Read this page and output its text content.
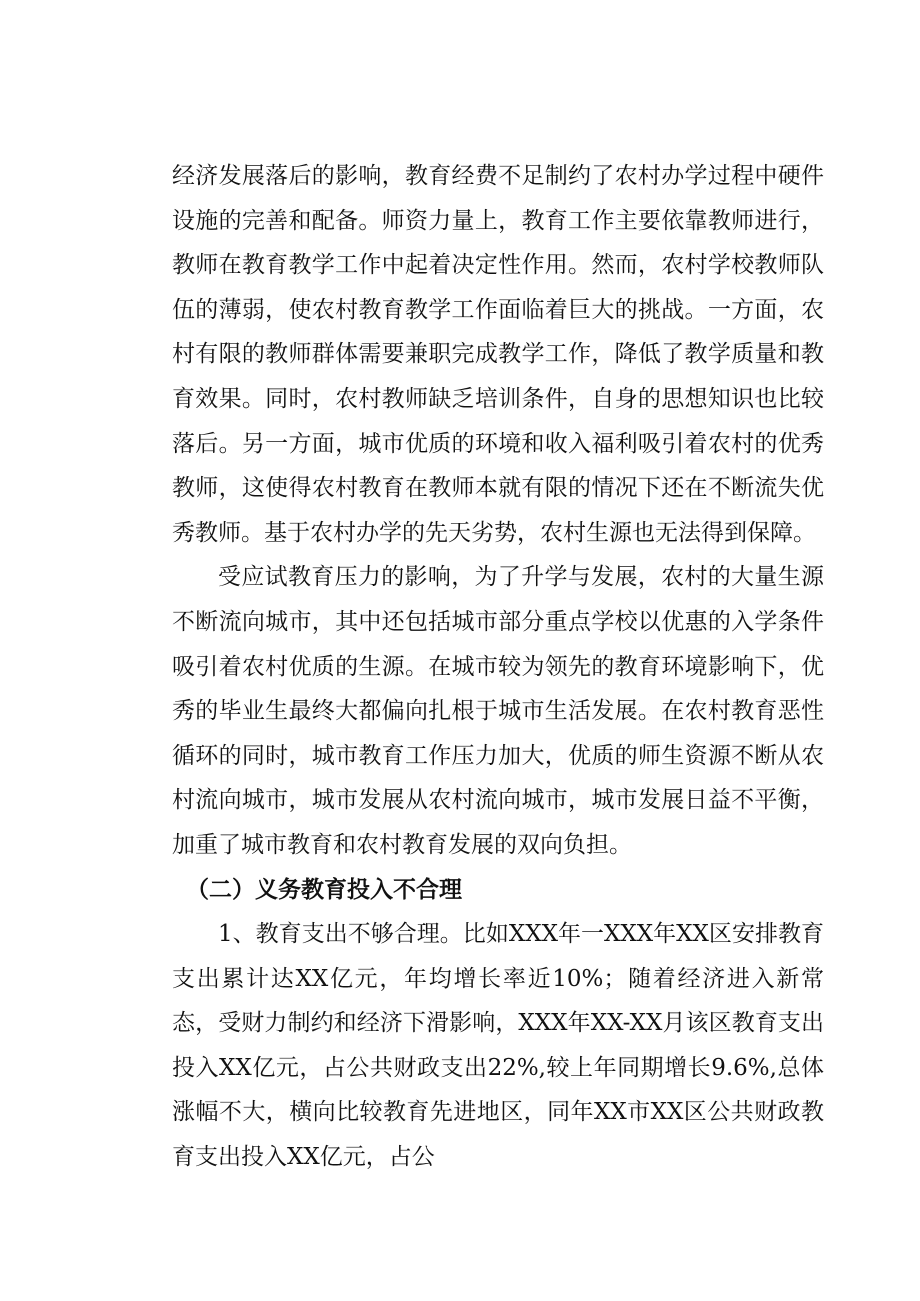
经济发展落后的影响，教育经费不足制约了农村办学过程中硬件设施的完善和配备。师资力量上，教育工作主要依靠教师进行，教师在教育教学工作中起着决定性作用。然而，农村学校教师队伍的薄弱，使农村教育教学工作面临着巨大的挑战。一方面，农村有限的教师群体需要兼职完成教学工作，降低了教学质量和教育效果。同时，农村教师缺乏培训条件，自身的思想知识也比较落后。另一方面，城市优质的环境和收入福利吸引着农村的优秀教师，这使得农村教育在教师本就有限的情况下还在不断流失优秀教师。基于农村办学的先天劣势，农村生源也无法得到保障。

受应试教育压力的影响，为了升学与发展，农村的大量生源不断流向城市，其中还包括城市部分重点学校以优惠的入学条件吸引着农村优质的生源。在城市较为领先的教育环境影响下，优秀的毕业生最终大都偏向扎根于城市生活发展。在农村教育恶性循环的同时，城市教育工作压力加大，优质的师生资源不断从农村流向城市，城市发展从农村流向城市，城市发展日益不平衡，加重了城市教育和农村教育发展的双向负担。

（二）义务教育投入不合理

1、教育支出不够合理。比如XXX年一XXX年XX区安排教育支出累计达XX亿元，年均增长率近10%；随着经济进入新常态，受财力制约和经济下滑影响，XXX年XX-XX月该区教育支出投入XX亿元，占公共财政支出22%,较上年同期增长9.6%,总体涨幅不大，横向比较教育先进地区，同年XX市XX区公共财政教育支出投入XX亿元，占公
